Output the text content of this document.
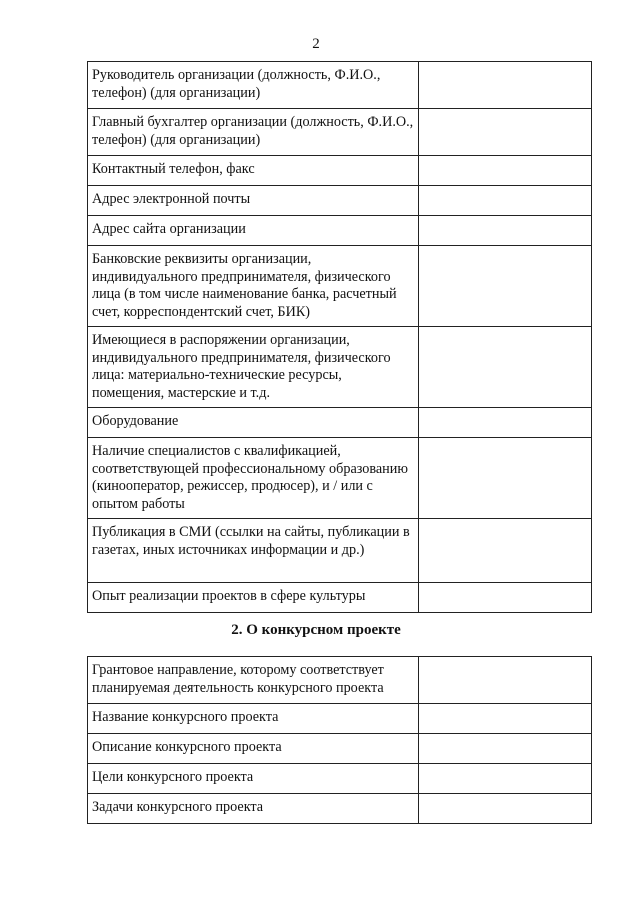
2
Руководитель организации (должность, Ф.И.О., телефон) (для организации)	
Главный бухгалтер организации (должность, Ф.И.О., телефон) (для организации)	
Контактный телефон, факс	
Адрес электронной почты	
Адрес сайта организации	
Банковские реквизиты организации, индивидуального предпринимателя, физического лица (в том числе наименование банка, расчетный счет, корреспондентский счет, БИК)	
Имеющиеся в распоряжении организации, индивидуального предпринимателя, физического лица: материально-технические ресурсы, помещения, мастерские и т.д.	
Оборудование	
Наличие специалистов с квалификацией, соответствующей профессиональному образованию (кинооператор, режиссер, продюсер), и / или с опытом работы	
Публикация в СМИ (ссылки на сайты, публикации в газетах, иных источниках информации и др.)	
Опыт реализации проектов в сфере культуры	
2. О конкурсном проекте
Грантовое направление, которому соответствует планируемая деятельность конкурсного проекта	
Название конкурсного проекта	
Описание конкурсного проекта	
Цели конкурсного проекта	
Задачи конкурсного проекта	
